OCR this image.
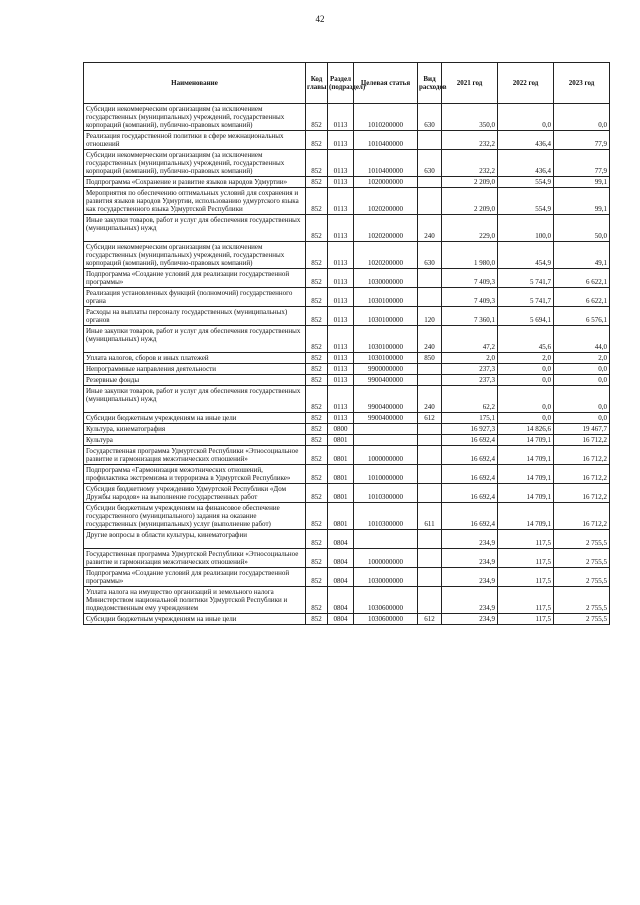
42
Наименование	Код главы	Раздел (подраздел)	Целевая статья	Вид расходов	2021 год	2022 год	2023 год
Субсидии некоммерческим организациям (за исключением государственных (муниципальных) учреждений, государственных корпораций (компаний), публично-правовых компаний)	852	0113	1010200000	630	350,0	0,0	0,0
Реализация государственной политики в сфере межнациональных отношений	852	0113	1010400000		232,2	436,4	77,9
Субсидии некоммерческим организациям (за исключением государственных (муниципальных) учреждений, государственных корпораций (компаний), публично-правовых компаний)	852	0113	1010400000	630	232,2	436,4	77,9
Подпрограмма «Сохранение и развитие языков народов Удмуртии»	852	0113	1020000000		2 209,0	554,9	99,1
Мероприятия по обеспечению оптимальных условий для сохранения и развития языков народов Удмуртии, использованию удмуртского языка как государственного языка Удмуртской Республики	852	0113	1020200000		2 209,0	554,9	99,1
Иные закупки товаров, работ и услуг для обеспечения государственных (муниципальных) нужд	852	0113	1020200000	240	229,0	100,0	50,0
Субсидии некоммерческим организациям (за исключением государственных (муниципальных) учреждений, государственных корпораций (компаний), публично-правовых компаний)	852	0113	1020200000	630	1 980,0	454,9	49,1
Подпрограмма «Создание условий для реализации государственной программы»	852	0113	1030000000		7 409,3	5 741,7	6 622,1
Реализация установленных функций (полномочий) государственного органа	852	0113	1030100000		7 409,3	5 741,7	6 622,1
Расходы на выплаты персоналу государственных (муниципальных) органов	852	0113	1030100000	120	7 360,1	5 694,1	6 576,1
Иные закупки товаров, работ и услуг для обеспечения государственных (муниципальных) нужд	852	0113	1030100000	240	47,2	45,6	44,0
Уплата налогов, сборов и иных платежей	852	0113	1030100000	850	2,0	2,0	2,0
Непрограммные направления деятельности	852	0113	9900000000		237,3	0,0	0,0
Резервные фонды	852	0113	9900400000		237,3	0,0	0,0
Иные закупки товаров, работ и услуг для обеспечения государственных (муниципальных) нужд	852	0113	9900400000	240	62,2	0,0	0,0
Субсидии бюджетным учреждениям на иные цели	852	0113	9900400000	612	175,1	0,0	0,0
Культура, кинематография	852	0800			16 927,3	14 826,6	19 467,7
Культура	852	0801			16 692,4	14 709,1	16 712,2
Государственная программа Удмуртской Республики «Этносоциальное развитие и гармонизация межэтнических отношений»	852	0801	1000000000		16 692,4	14 709,1	16 712,2
Подпрограмма «Гармонизация межэтнических отношений, профилактика экстремизма и терроризма в Удмуртской Республике»	852	0801	1010000000		16 692,4	14 709,1	16 712,2
Субсидия бюджетному учреждению Удмуртской Республики «Дом Дружбы народов» на выполнение государственных работ	852	0801	1010300000		16 692,4	14 709,1	16 712,2
Субсидии бюджетным учреждениям на финансовое обеспечение государственного (муниципального) задания на оказание государственных (муниципальных) услуг (выполнение работ)	852	0801	1010300000	611	16 692,4	14 709,1	16 712,2
Другие вопросы в области культуры, кинематографии	852	0804			234,9	117,5	2 755,5
Государственная программа Удмуртской Республики «Этносоциальное развитие и гармонизация межэтнических отношений»	852	0804	1000000000		234,9	117,5	2 755,5
Подпрограмма «Создание условий для реализации государственной программы»	852	0804	1030000000		234,9	117,5	2 755,5
Уплата налога на имущество организаций и земельного налога Министерством национальной политики Удмуртской Республики и подведомственным ему учреждением	852	0804	1030600000		234,9	117,5	2 755,5
Субсидии бюджетным учреждениям на иные цели	852	0804	1030600000	612	234,9	117,5	2 755,5
